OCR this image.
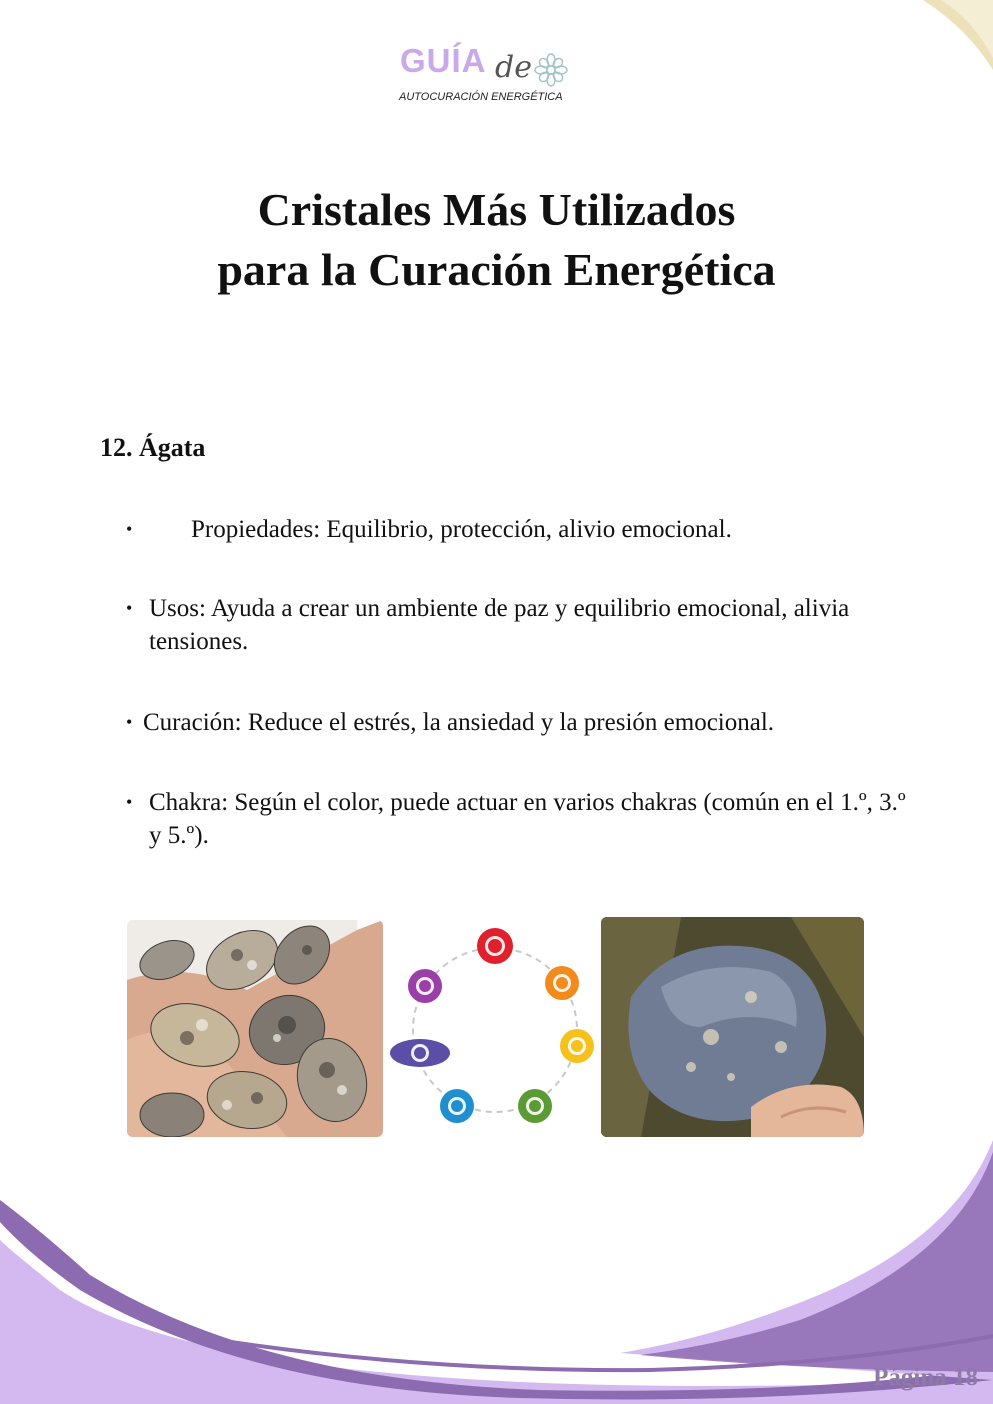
GUÍA de
AUTOCURACIÓN ENERGÉTICA
Cristales Más Utilizados
para la Curación Energética
12. Ágata
• Propiedades: Equilibrio, protección, alivio emocional.
• Usos: Ayuda a crear un ambiente de paz y equilibrio emocional, alivia tensiones.
• Curación: Reduce el estrés, la ansiedad y la presión emocional.
• Chakra: Según el color, puede actuar en varios chakras (común en el 1.º, 3.º y 5.º).
Página 18
